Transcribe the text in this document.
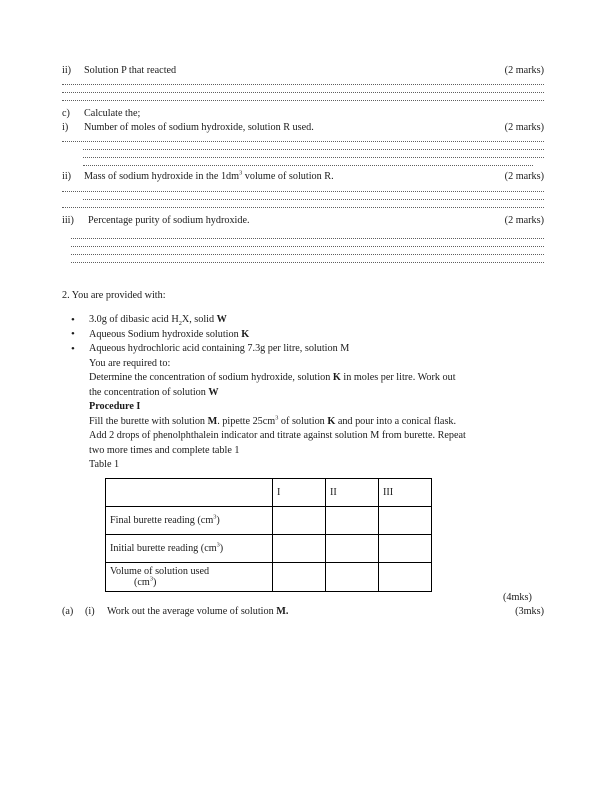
ii)	Solution P that reacted	(2 marks)
c)	Calculate the;
i)	Number of moles of sodium hydroxide, solution R used.	(2 marks)
ii)	Mass of sodium hydroxide in the $1dm^3$ volume of solution R.	(2 marks)
iii)	Percentage purity of sodium hydroxide.	(2 marks)
2. You are provided with:
• 3.0g of dibasic acid $H_2X$, solid W
• Aqueous Sodium hydroxide solution K
• Aqueous hydrochloric acid containing 7.3g per litre, solution M
You are required to:
Determine the concentration of sodium hydroxide, solution K in moles per litre. Work out
the concentration of solution W
Procedure I
Fill the burette with solution M. pipette $25cm^3$ of solution K and pour into a conical flask.
Add 2 drops of phenolphthalein indicator and titrate against solution M from burette. Repeat
two more times and complete table 1
Table 1
	I	II	III
Final burette reading $(cm^3)$			
Initial burette reading $(cm^3)$			
Volume of solution used
$(cm^3)$			

(4mks)
(a)	(i)	Work out the average volume of solution M.	(3mks)
